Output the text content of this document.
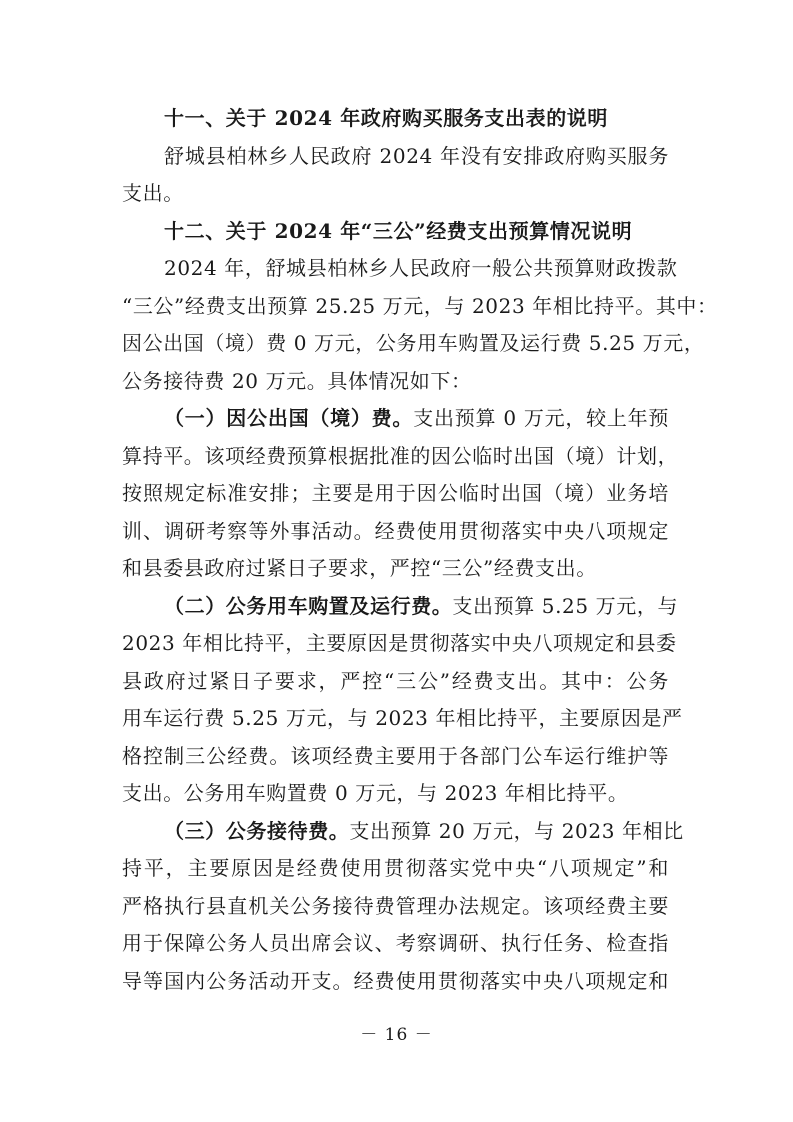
十一、关于 2024 年政府购买服务支出表的说明
舒城县柏林乡人民政府 2024 年没有安排政府购买服务
支出。
十二、关于 2024 年“三公”经费支出预算情况说明
2024 年，舒城县柏林乡人民政府一般公共预算财政拨款
“三公”经费支出预算 25.25 万元，与 2023 年相比持平。其中：
因公出国（境）费 0 万元，公务用车购置及运行费 5.25 万元，
公务接待费 20 万元。具体情况如下：
（一）因公出国（境）费。支出预算 0 万元，较上年预
算持平。该项经费预算根据批准的因公临时出国（境）计划，
按照规定标准安排；主要是用于因公临时出国（境）业务培
训、调研考察等外事活动。经费使用贯彻落实中央八项规定
和县委县政府过紧日子要求，严控“三公”经费支出。
（二）公务用车购置及运行费。支出预算 5.25 万元，与
2023 年相比持平，主要原因是贯彻落实中央八项规定和县委
县政府过紧日子要求，严控“三公”经费支出。其中：公务
用车运行费 5.25 万元，与 2023 年相比持平，主要原因是严
格控制三公经费。该项经费主要用于各部门公车运行维护等
支出。公务用车购置费 0 万元，与 2023 年相比持平。
（三）公务接待费。支出预算 20 万元，与 2023 年相比
持平，主要原因是经费使用贯彻落实党中央“八项规定”和
严格执行县直机关公务接待费管理办法规定。该项经费主要
用于保障公务人员出席会议、考察调研、执行任务、检查指
导等国内公务活动开支。经费使用贯彻落实中央八项规定和
－ 16 －
